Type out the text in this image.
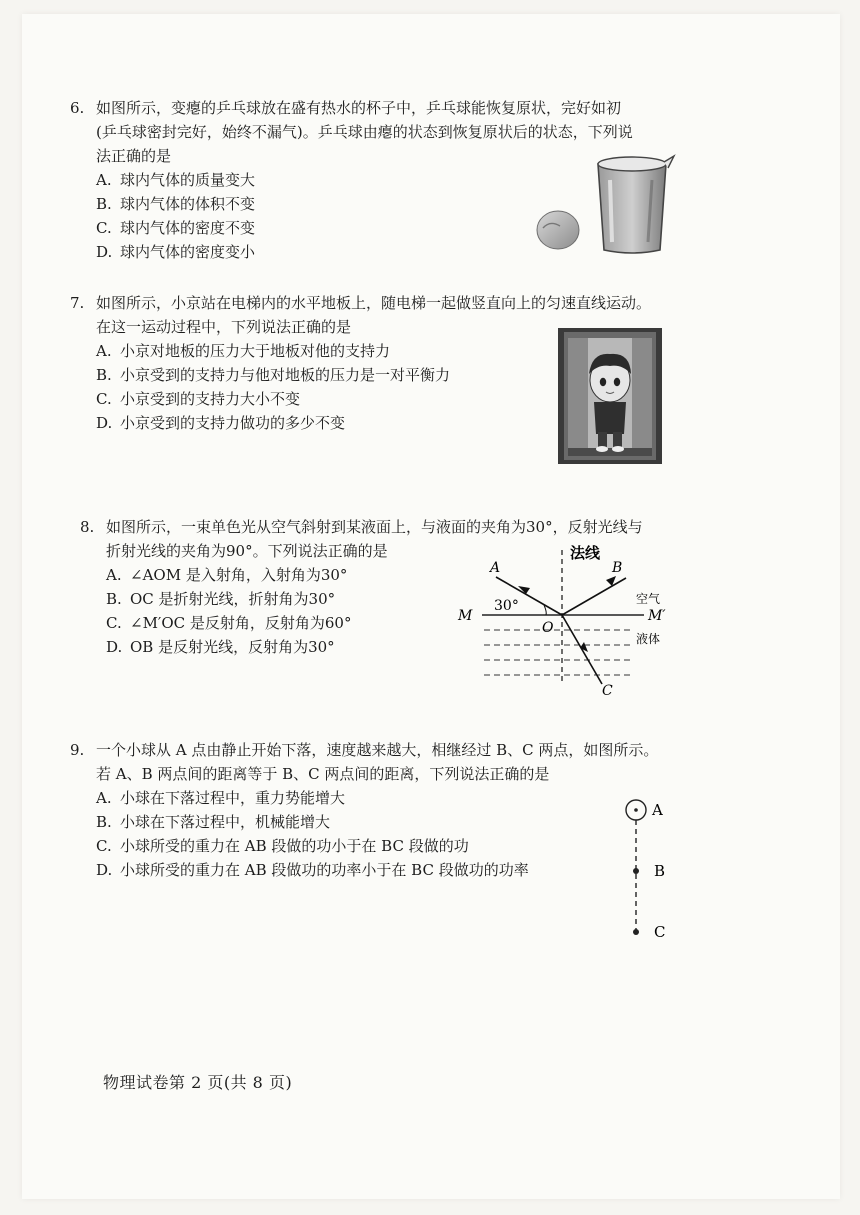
6. 如图所示，变瘪的乒乓球放在盛有热水的杯子中，乒乓球能恢复原状，完好如初

(乒乓球密封完好，始终不漏气)。乒乓球由瘪的状态到恢复原状后的状态，下列说

法正确的是

A. 球内气体的质量变大

B. 球内气体的体积不变

C. 球内气体的密度不变

D. 球内气体的密度变小

7. 如图所示，小京站在电梯内的水平地板上，随电梯一起做竖直向上的匀速直线运动。

在这一运动过程中，下列说法正确的是

A. 小京对地板的压力大于地板对他的支持力

B. 小京受到的支持力与他对地板的压力是一对平衡力

C. 小京受到的支持力大小不变

D. 小京受到的支持力做功的多少不变

8. 如图所示，一束单色光从空气斜射到某液面上，与液面的夹角为30°，反射光线与

折射光线的夹角为90°。下列说法正确的是

A. ∠AOM 是入射角，入射角为30°

B. OC 是折射光线，折射角为30°

C. ∠M′OC 是反射角，反射角为60°

D. OB 是反射光线，反射角为30°

法线
30°
A	B
C
M	M′
O
空气
液体

9. 一个小球从 A 点由静止开始下落，速度越来越大，相继经过 B、C 两点，如图所示。

若 A、B 两点间的距离等于 B、C 两点间的距离，下列说法正确的是

A. 小球在下落过程中，重力势能增大

B. 小球在下落过程中，机械能增大

C. 小球所受的重力在 AB 段做的功小于在 BC 段做的功

D. 小球所受的重力在 AB 段做功的功率小于在 BC 段做功的功率

A
B
C
物理试卷第 2 页(共 8 页)
